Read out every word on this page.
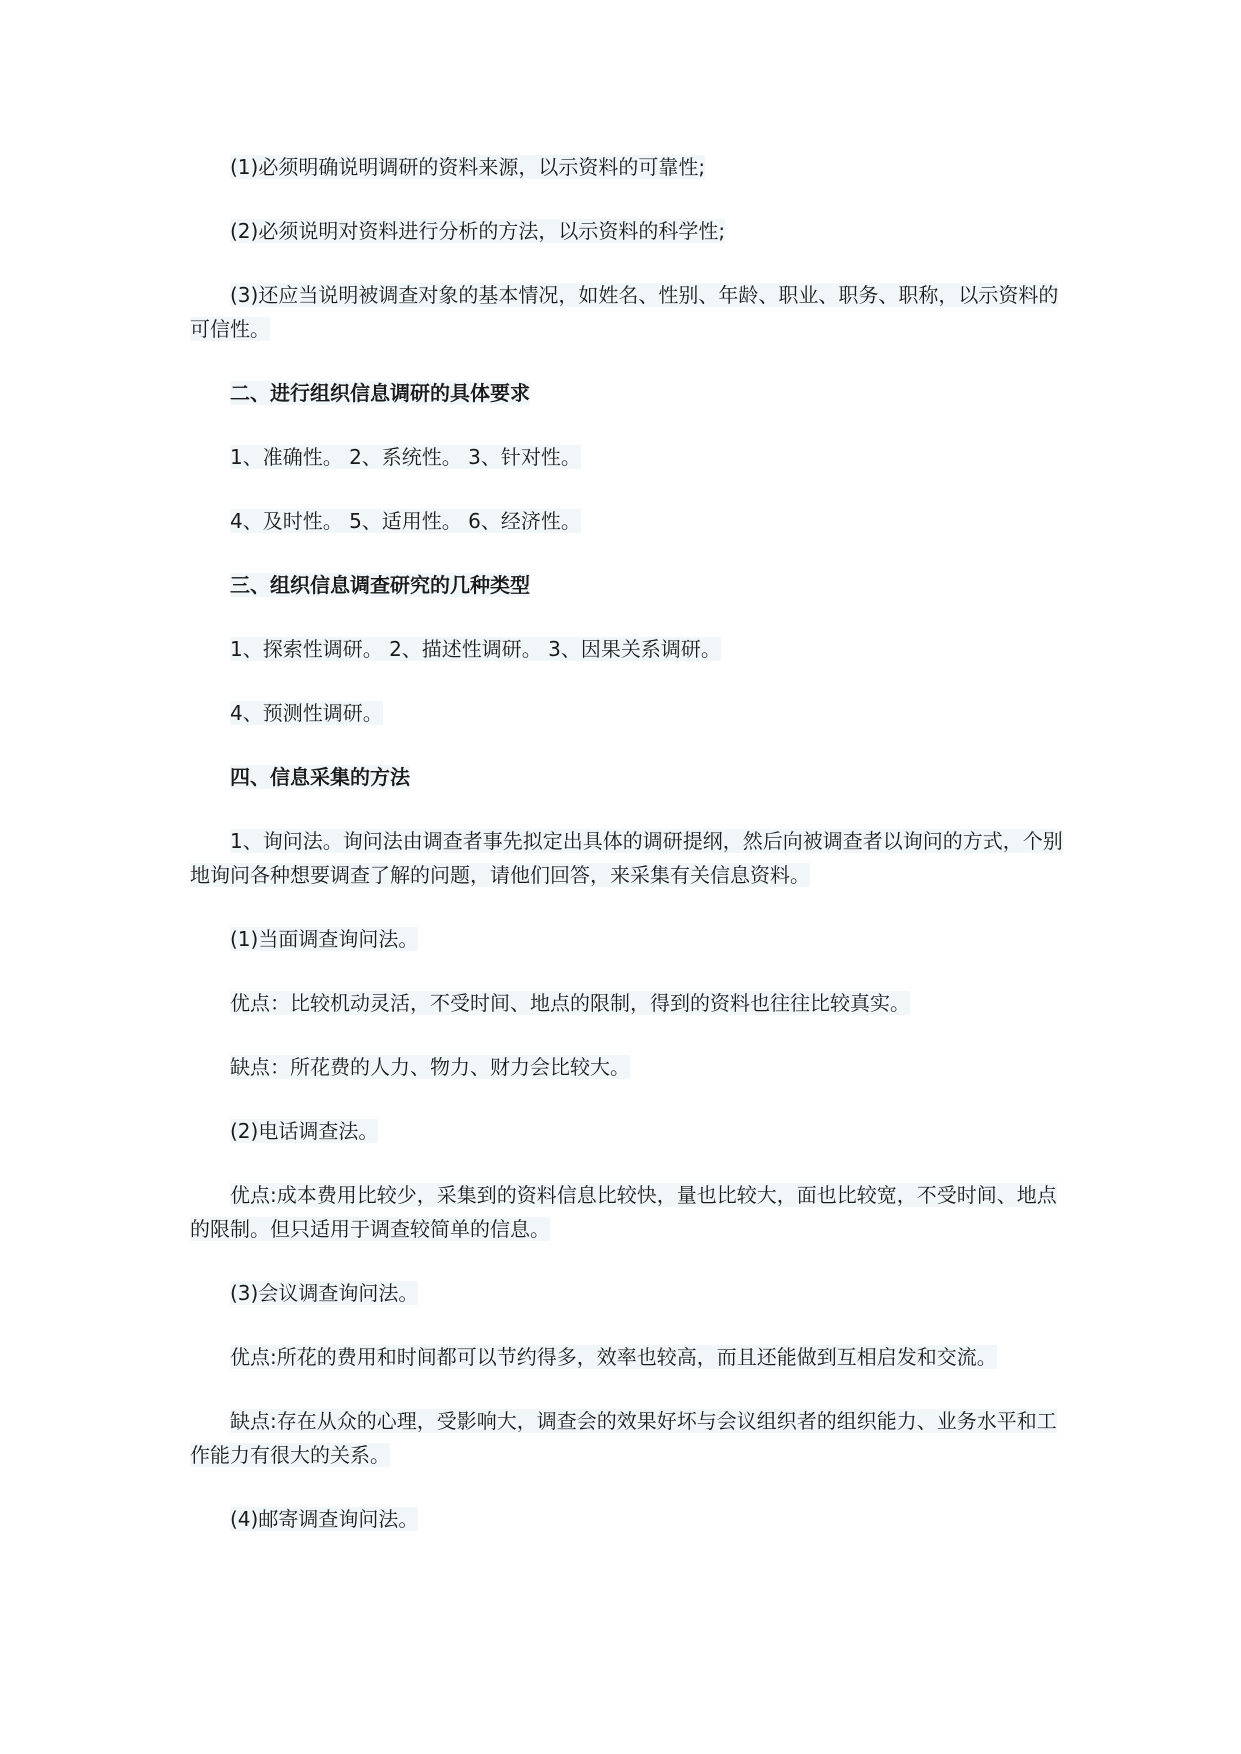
(1)必须明确说明调研的资料来源，以示资料的可靠性;

(2)必须说明对资料进行分析的方法，以示资料的科学性;

(3)还应当说明被调查对象的基本情况，如姓名、性别、年龄、职业、职务、职称，以示资料的可信性。

二、进行组织信息调研的具体要求

1、准确性。 2、系统性。 3、针对性。

4、及时性。 5、适用性。 6、经济性。

三、组织信息调查研究的几种类型

1、探索性调研。 2、描述性调研。 3、因果关系调研。

4、预测性调研。

四、信息采集的方法

1、询问法。询问法由调查者事先拟定出具体的调研提纲，然后向被调查者以询问的方式，个别地询问各种想要调查了解的问题，请他们回答，来采集有关信息资料。

(1)当面调查询问法。

优点：比较机动灵活，不受时间、地点的限制，得到的资料也往往比较真实。

缺点：所花费的人力、物力、财力会比较大。

(2)电话调查法。

优点:成本费用比较少，采集到的资料信息比较快，量也比较大，面也比较宽，不受时间、地点的限制。但只适用于调查较简单的信息。

(3)会议调查询问法。

优点:所花的费用和时间都可以节约得多，效率也较高，而且还能做到互相启发和交流。

缺点:存在从众的心理，受影响大，调查会的效果好坏与会议组织者的组织能力、业务水平和工作能力有很大的关系。

(4)邮寄调查询问法。
